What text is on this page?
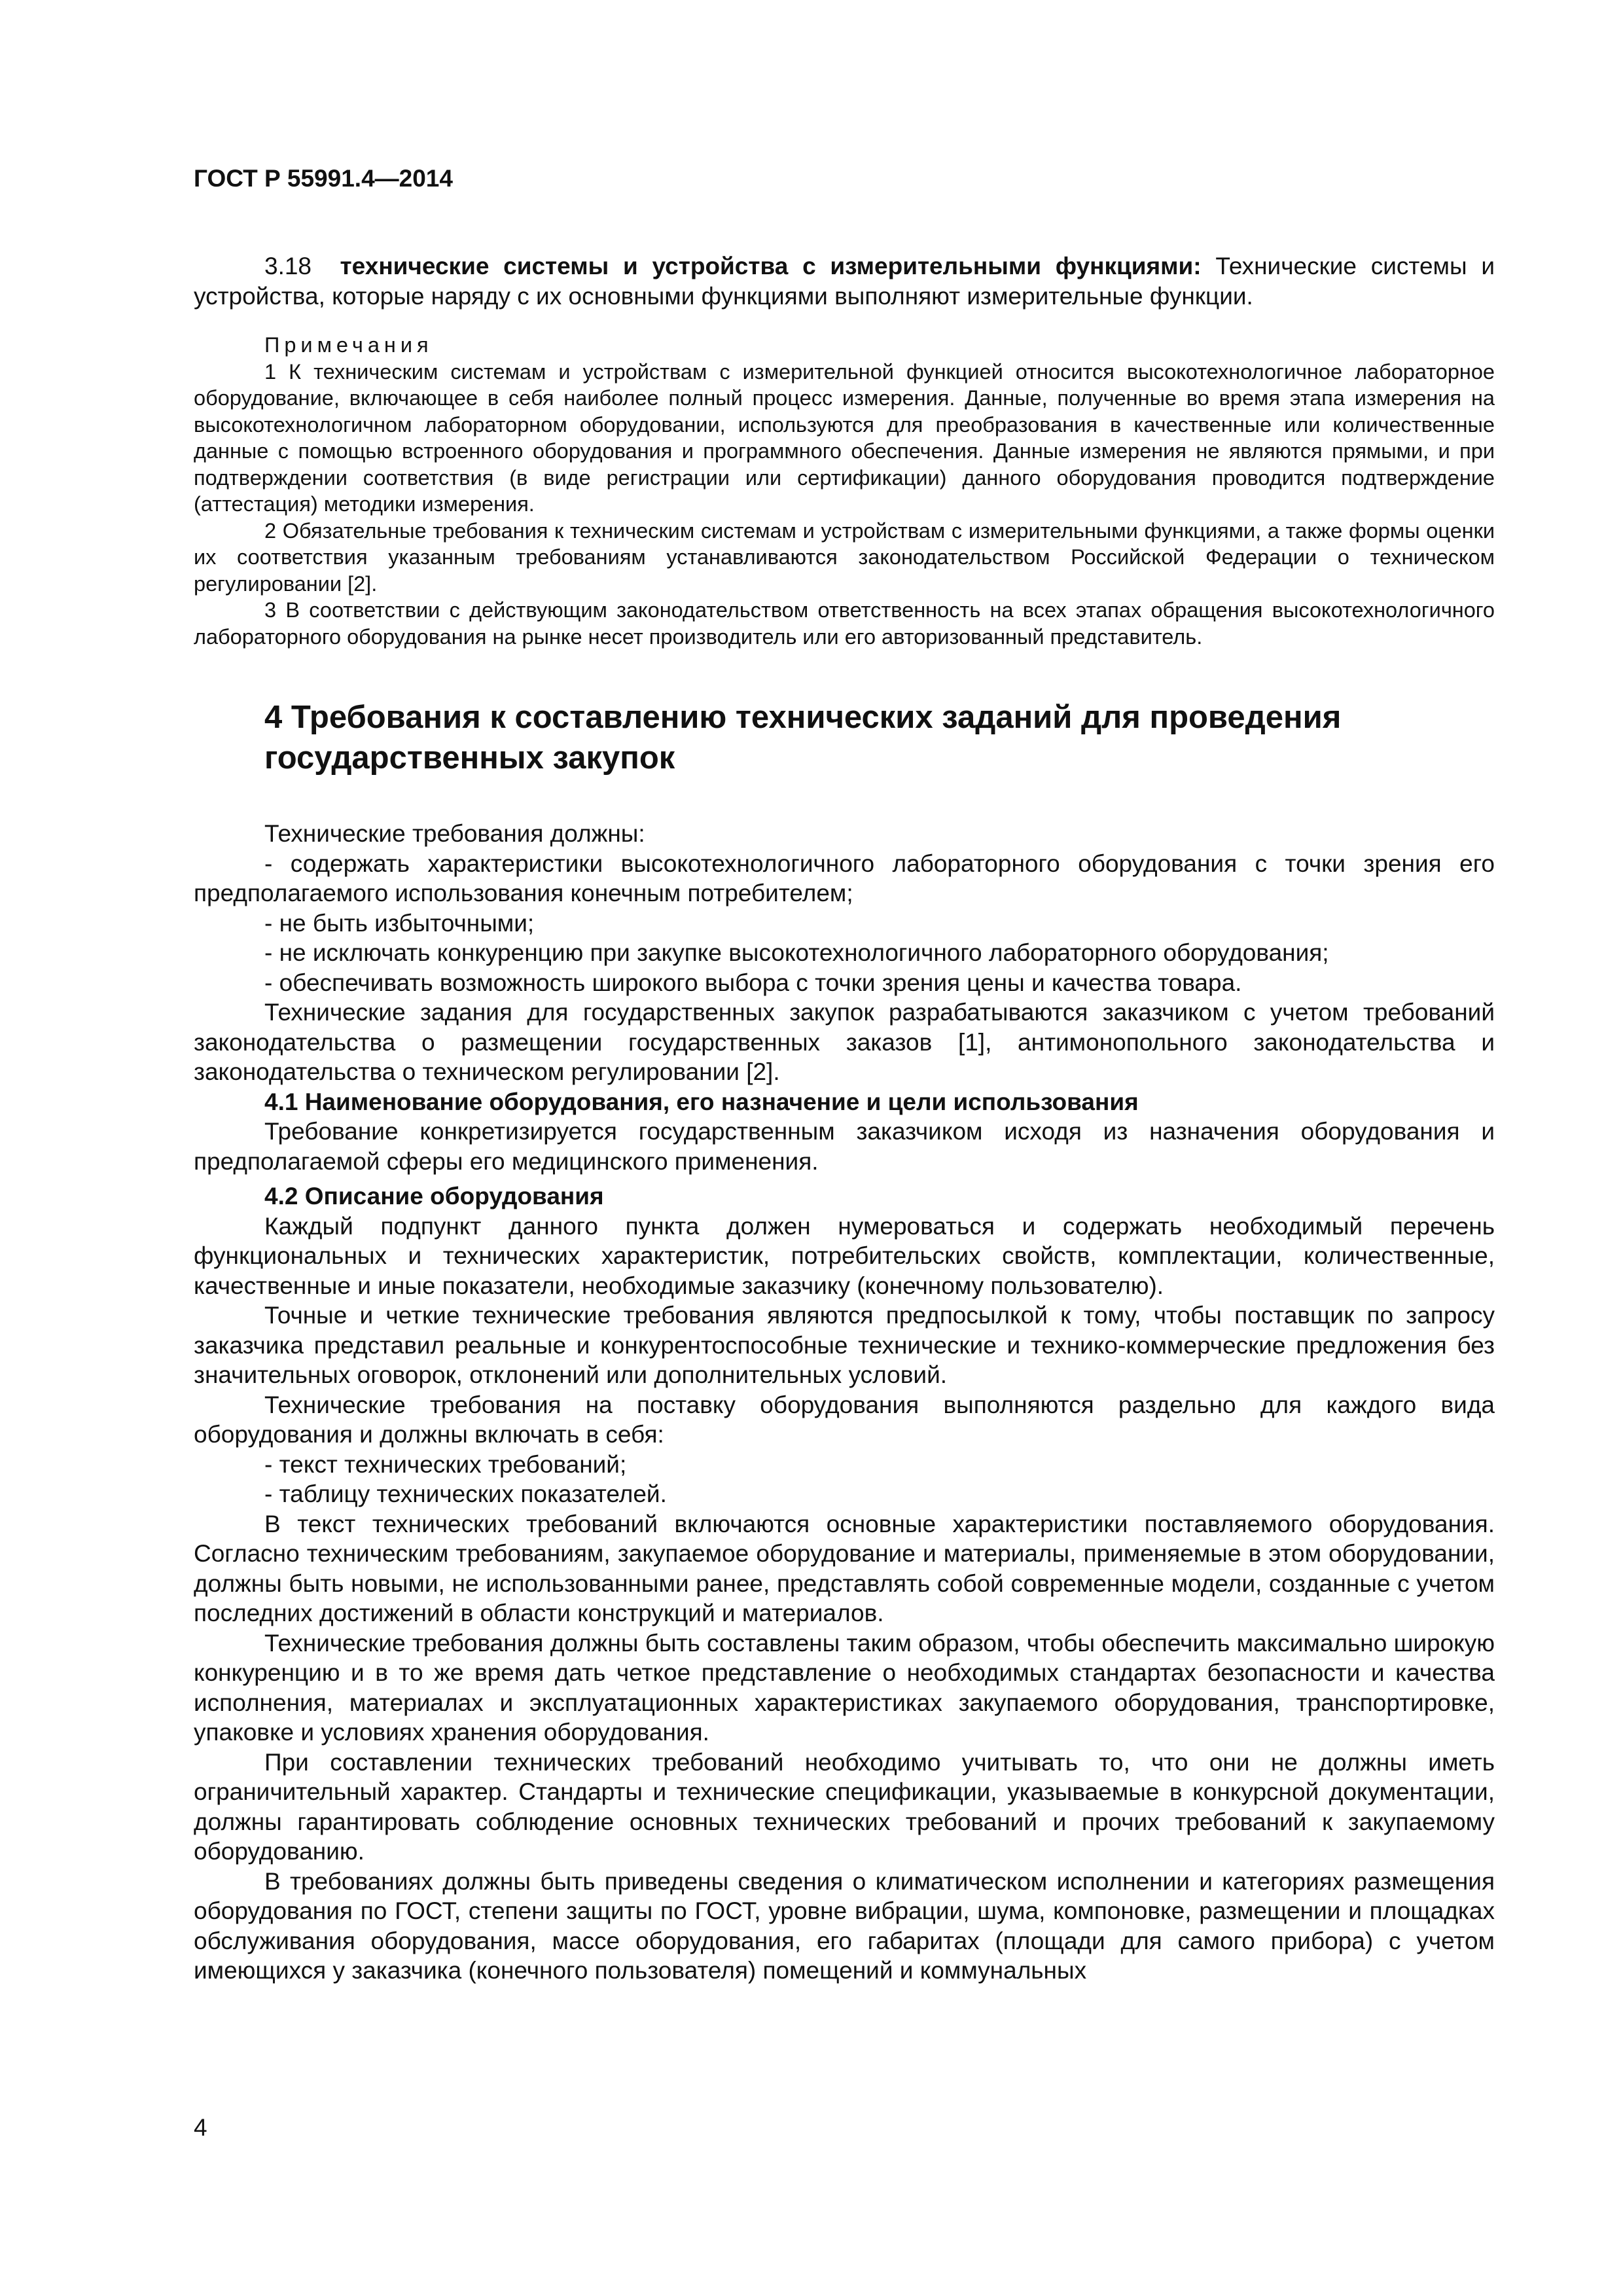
ГОСТ Р 55991.4—2014

3.18 технические системы и устройства с измерительными функциями: Технические системы и устройства, которые наряду с их основными функциями выполняют измерительные функции.

Примечания

1 К техническим системам и устройствам с измерительной функцией относится высокотехнологичное лабораторное оборудование, включающее в себя наиболее полный процесс измерения. Данные, полученные во время этапа измерения на высокотехнологичном лабораторном оборудовании, используются для преобразования в качественные или количественные данные с помощью встроенного оборудования и программного обеспечения. Данные измерения не являются прямыми, и при подтверждении соответствия (в виде регистрации или сертификации) данного оборудования проводится подтверждение (аттестация) методики измерения.

2 Обязательные требования к техническим системам и устройствам с измерительными функциями, а также формы оценки их соответствия указанным требованиям устанавливаются законодательством Российской Федерации о техническом регулировании [2].

3 В соответствии с действующим законодательством ответственность на всех этапах обращения высокотехнологичного лабораторного оборудования на рынке несет производитель или его авторизованный представитель.

4 Требования к составлению технических заданий для проведения государственных закупок

Технические требования должны:

- содержать характеристики высокотехнологичного лабораторного оборудования с точки зрения его предполагаемого использования конечным потребителем;

- не быть избыточными;

- не исключать конкуренцию при закупке высокотехнологичного лабораторного оборудования;

- обеспечивать возможность широкого выбора с точки зрения цены и качества товара.

Технические задания для государственных закупок разрабатываются заказчиком с учетом требований законодательства о размещении государственных заказов [1], антимонопольного законодательства и законодательства о техническом регулировании [2].

4.1 Наименование оборудования, его назначение и цели использования

Требование конкретизируется государственным заказчиком исходя из назначения оборудования и предполагаемой сферы его медицинского применения.

4.2 Описание оборудования

Каждый подпункт данного пункта должен нумероваться и содержать необходимый перечень функциональных и технических характеристик, потребительских свойств, комплектации, количественные, качественные и иные показатели, необходимые заказчику (конечному пользователю).

Точные и четкие технические требования являются предпосылкой к тому, чтобы поставщик по запросу заказчика представил реальные и конкурентоспособные технические и технико-коммерческие предложения без значительных оговорок, отклонений или дополнительных условий.

Технические требования на поставку оборудования выполняются раздельно для каждого вида оборудования и должны включать в себя:

- текст технических требований;

- таблицу технических показателей.

В текст технических требований включаются основные характеристики поставляемого оборудования. Согласно техническим требованиям, закупаемое оборудование и материалы, применяемые в этом оборудовании, должны быть новыми, не использованными ранее, представлять собой современные модели, созданные с учетом последних достижений в области конструкций и материалов.

Технические требования должны быть составлены таким образом, чтобы обеспечить максимально широкую конкуренцию и в то же время дать четкое представление о необходимых стандартах безопасности и качества исполнения, материалах и эксплуатационных характеристиках закупаемого оборудования, транспортировке, упаковке и условиях хранения оборудования.

При составлении технических требований необходимо учитывать то, что они не должны иметь ограничительный характер. Стандарты и технические спецификации, указываемые в конкурсной документации, должны гарантировать соблюдение основных технических требований и прочих требований к закупаемому оборудованию.

В требованиях должны быть приведены сведения о климатическом исполнении и категориях размещения оборудования по ГОСТ, степени защиты по ГОСТ, уровне вибрации, шума, компоновке, размещении и площадках обслуживания оборудования, массе оборудования, его габаритах (площади для самого прибора) с учетом имеющихся у заказчика (конечного пользователя) помещений и коммунальных

4
